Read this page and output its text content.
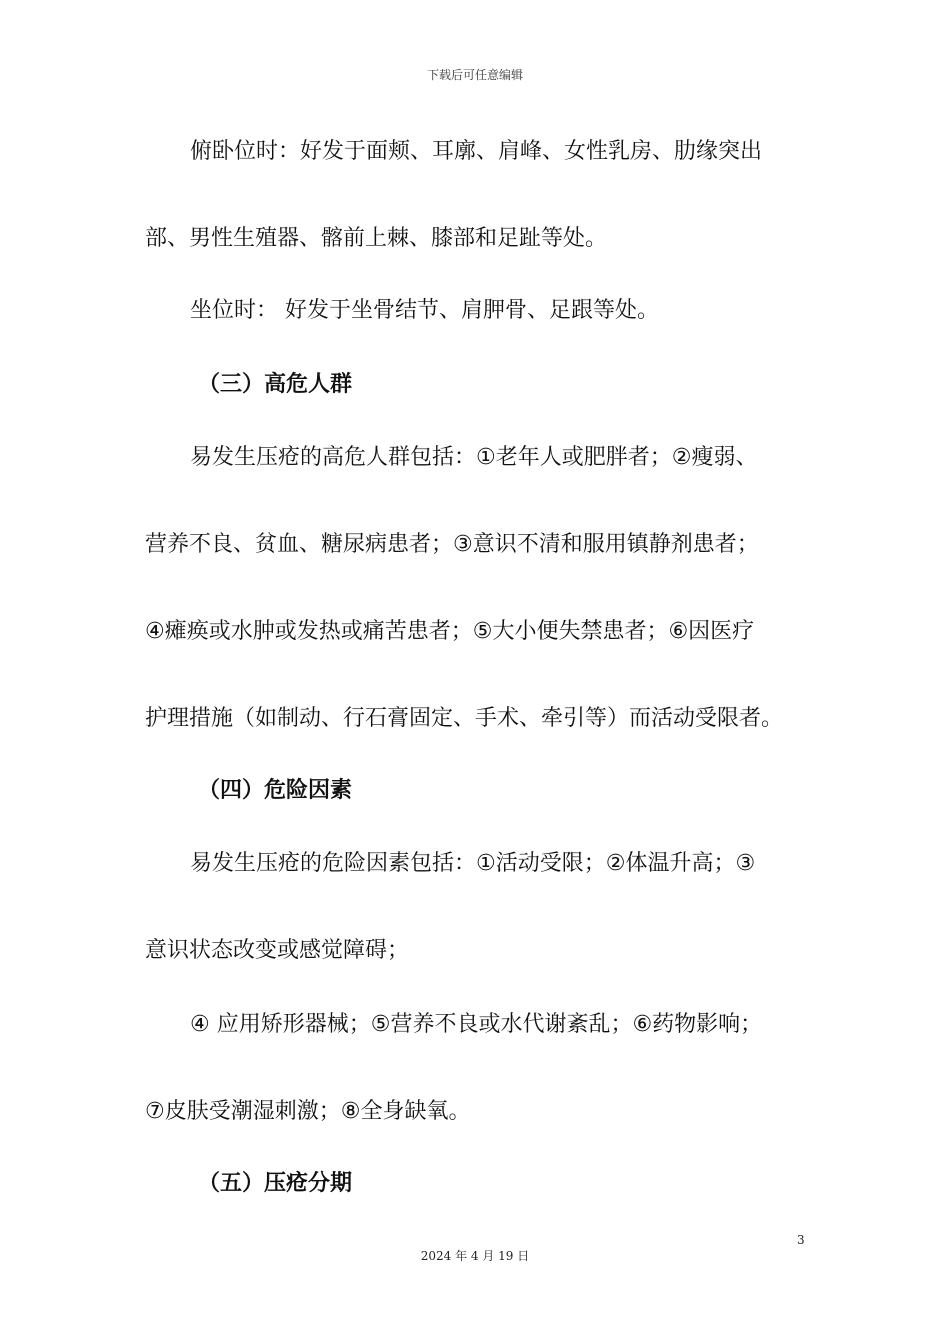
下载后可任意编辑
俯卧位时：好发于面颊、耳廓、肩峰、女性乳房、肋缘突出
部、男性生殖器、髂前上棘、膝部和足趾等处。
坐位时： 好发于坐骨结节、肩胛骨、足跟等处。
（三）高危人群
易发生压疮的高危人群包括：①老年人或肥胖者；②瘦弱、
营养不良、贫血、糖尿病患者；③意识不清和服用镇静剂患者；
④瘫痪或水肿或发热或痛苦患者；⑤大小便失禁患者；⑥因医疗
护理措施（如制动、行石膏固定、手术、牵引等）而活动受限者。
（四）危险因素
易发生压疮的危险因素包括：①活动受限；②体温升高；③
意识状态改变或感觉障碍；
④ 应用矫形器械；⑤营养不良或水代谢紊乱；⑥药物影响；
⑦皮肤受潮湿刺激；⑧全身缺氧。
（五）压疮分期
3
2024 年 4 月 19 日
